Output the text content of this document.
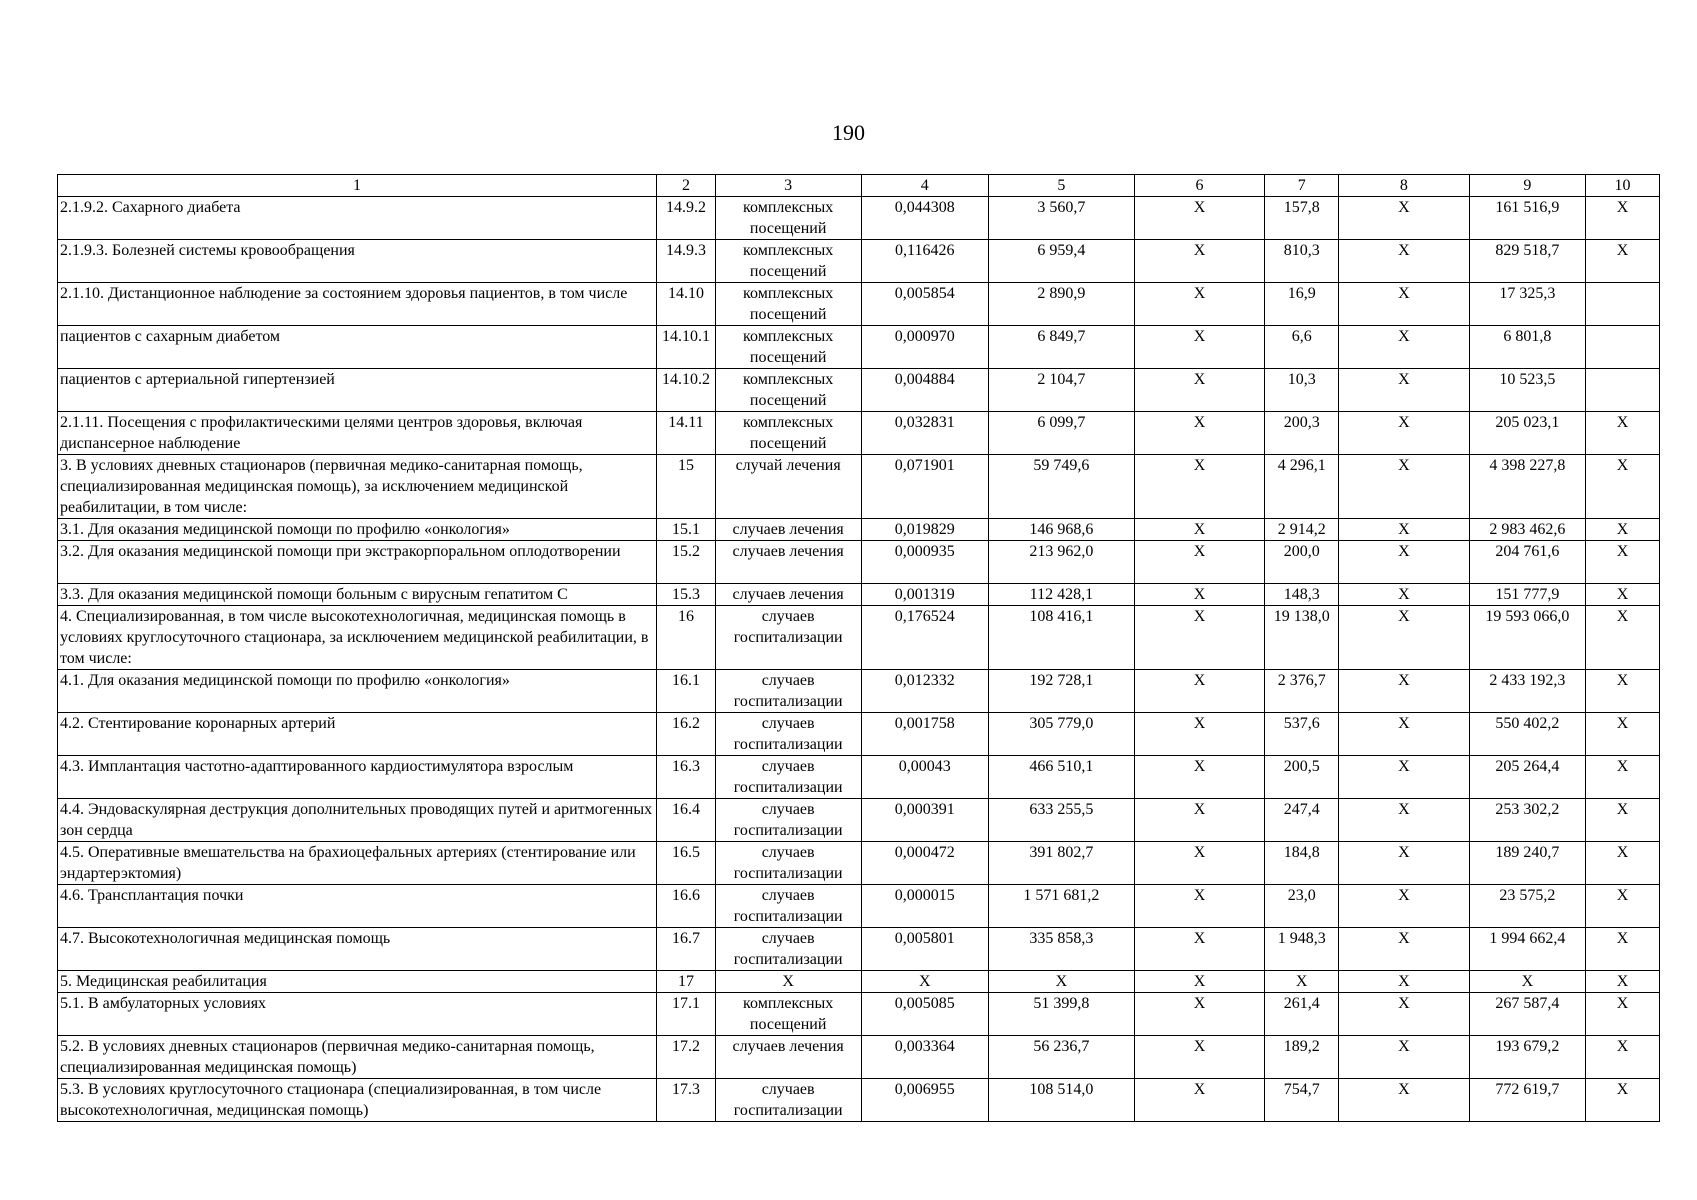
190
1	2	3	4	5	6	7	8	9	10
2.1.9.2. Сахарного диабета	14.9.2	комплексных посещений	0,044308	3 560,7	Х	157,8	Х	161 516,9	Х
2.1.9.3. Болезней системы кровообращения	14.9.3	комплексных посещений	0,116426	6 959,4	Х	810,3	Х	829 518,7	Х
2.1.10. Дистанционное наблюдение за состоянием здоровья пациентов, в том числе	14.10	комплексных посещений	0,005854	2 890,9	Х	16,9	Х	17 325,3	
пациентов с сахарным диабетом	14.10.1	комплексных посещений	0,000970	6 849,7	Х	6,6	Х	6 801,8	
пациентов с артериальной гипертензией	14.10.2	комплексных посещений	0,004884	2 104,7	Х	10,3	Х	10 523,5	
2.1.11. Посещения с профилактическими целями центров здоровья, включая диспансерное наблюдение	14.11	комплексных посещений	0,032831	6 099,7	Х	200,3	Х	205 023,1	Х
3. В условиях дневных стационаров (первичная медико-санитарная помощь, специализированная медицинская помощь), за исключением медицинской реабилитации, в том числе:	15	случай лечения	0,071901	59 749,6	Х	4 296,1	Х	4 398 227,8	Х
3.1. Для оказания медицинской помощи по профилю «онкология»	15.1	случаев лечения	0,019829	146 968,6	Х	2 914,2	Х	2 983 462,6	Х
3.2. Для оказания медицинской помощи при экстракорпоральном оплодотворении	15.2	случаев лечения	0,000935	213 962,0	Х	200,0	Х	204 761,6	Х
3.3. Для оказания медицинской помощи больным с вирусным гепатитом С	15.3	случаев лечения	0,001319	112 428,1	Х	148,3	Х	151 777,9	Х
4. Специализированная, в том числе высокотехнологичная, медицинская помощь в условиях круглосуточного стационара, за исключением медицинской реабилитации, в том числе:	16	случаев госпитализации	0,176524	108 416,1	Х	19 138,0	Х	19 593 066,0	Х
4.1. Для оказания медицинской помощи по профилю «онкология»	16.1	случаев госпитализации	0,012332	192 728,1	Х	2 376,7	Х	2 433 192,3	Х
4.2. Стентирование коронарных артерий	16.2	случаев госпитализации	0,001758	305 779,0	Х	537,6	Х	550 402,2	Х
4.3. Имплантация частотно-адаптированного кардиостимулятора взрослым	16.3	случаев госпитализации	0,00043	466 510,1	Х	200,5	Х	205 264,4	Х
4.4. Эндоваскулярная деструкция дополнительных проводящих путей и аритмогенных зон сердца	16.4	случаев госпитализации	0,000391	633 255,5	Х	247,4	Х	253 302,2	Х
4.5. Оперативные вмешательства на брахиоцефальных артериях (стентирование или эндартерэктомия)	16.5	случаев госпитализации	0,000472	391 802,7	Х	184,8	Х	189 240,7	Х
4.6. Трансплантация почки	16.6	случаев госпитализации	0,000015	1 571 681,2	Х	23,0	Х	23 575,2	Х
4.7. Высокотехнологичная медицинская помощь	16.7	случаев госпитализации	0,005801	335 858,3	Х	1 948,3	Х	1 994 662,4	Х
5. Медицинская реабилитация	17	Х	Х	Х	Х	Х	Х	Х	Х
5.1. В амбулаторных условиях	17.1	комплексных посещений	0,005085	51 399,8	Х	261,4	Х	267 587,4	Х
5.2. В условиях дневных стационаров (первичная медико-санитарная помощь, специализированная медицинская помощь)	17.2	случаев лечения	0,003364	56 236,7	Х	189,2	Х	193 679,2	Х
5.3. В условиях круглосуточного стационара (специализированная, в том числе высокотехнологичная, медицинская помощь)	17.3	случаев госпитализации	0,006955	108 514,0	Х	754,7	Х	772 619,7	Х
